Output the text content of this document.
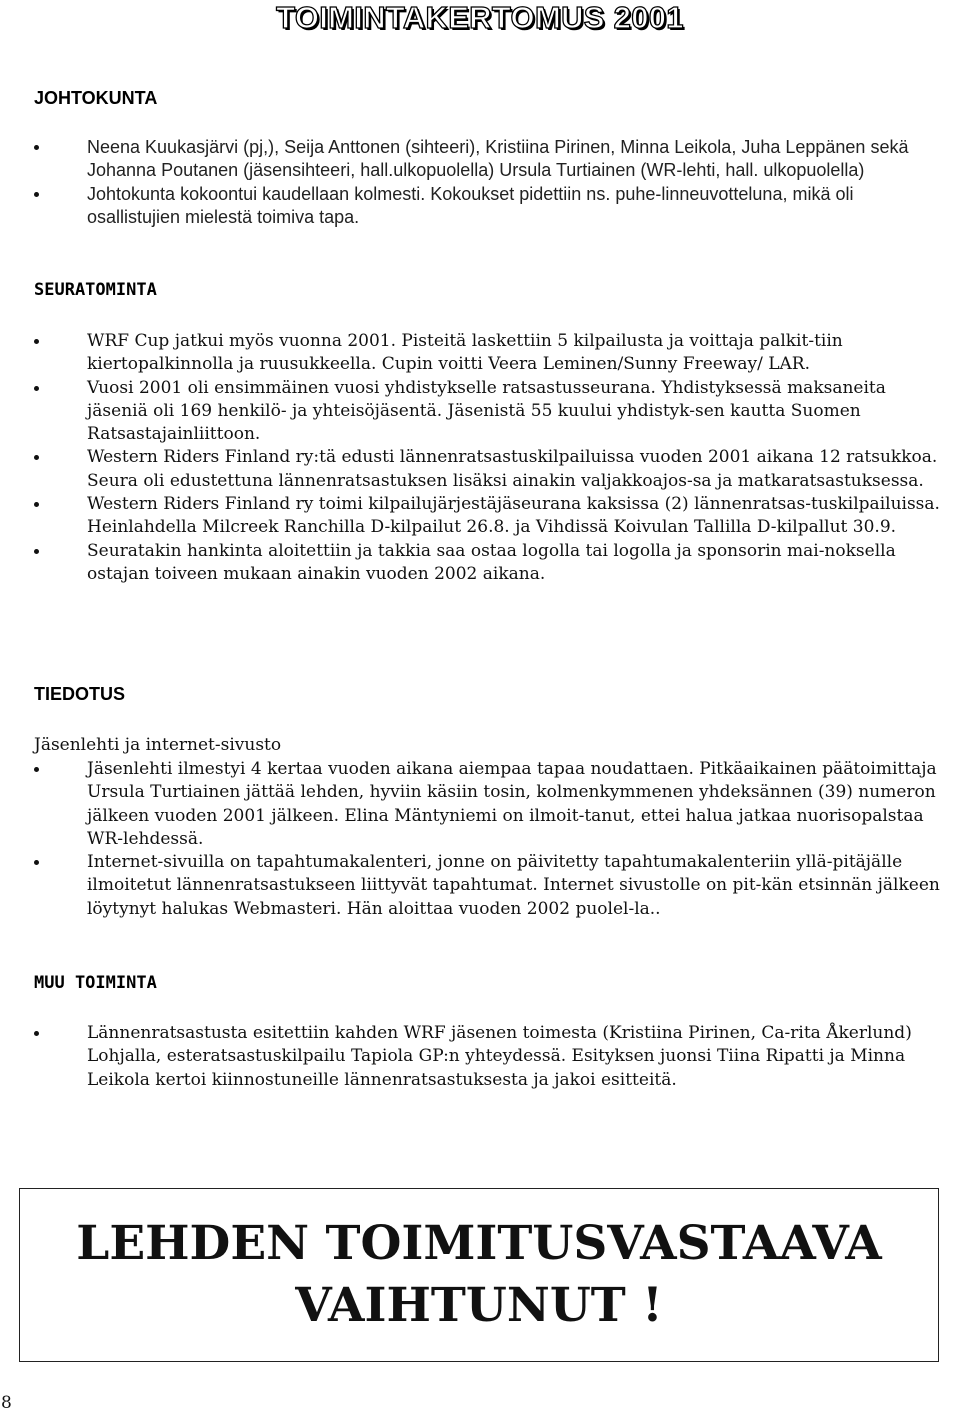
TOIMINTAKERTOMUS 2001
JOHTOKUNTA
Neena Kuukasjärvi (pj,), Seija Anttonen (sihteeri), Kristiina Pirinen, Minna Leikola, Juha Leppänen sekä Johanna Poutanen (jäsensihteeri, hall.ulkopuolella) Ursula Turtiainen (WR-lehti, hall. ulkopuolella)
Johtokunta kokoontui kaudellaan kolmesti. Kokoukset pidettiin ns. puhe-linneuvotteluna, mikä oli osallistujien mielestä toimiva tapa.
SEURATOMINTA
WRF Cup jatkui myös vuonna 2001. Pisteitä laskettiin 5 kilpailusta ja voittaja palkit-tiin kiertopalkinnolla ja ruusukkeella. Cupin voitti Veera Leminen/Sunny Freeway/ LAR.
Vuosi 2001 oli ensimmäinen vuosi yhdistykselle ratsastusseurana. Yhdistyksessä maksaneita jäseniä oli 169 henkilö- ja yhteisöjäsentä. Jäsenistä 55 kuului yhdistyk-sen kautta Suomen Ratsastajainliittoon.
Western Riders Finland ry:tä edusti lännenratsastuskilpailuissa vuoden 2001 aikana 12 ratsukkoa. Seura oli edustettuna lännenratsastuksen lisäksi ainakin valjakkoajos-sa ja matkaratsastuksessa.
Western Riders Finland ry toimi kilpailujärjestäjäseurana kaksissa (2) lännenratsas-tuskilpailuissa. Heinlahdella Milcreek Ranchilla D-kilpailut 26.8. ja Vihdissä Koivulan Tallilla D-kilpallut 30.9.
Seuratakin hankinta aloitettiin ja takkia saa ostaa logolla tai logolla ja sponsorin mai-noksella ostajan toiveen mukaan ainakin vuoden 2002 aikana.
TIEDOTUS

Jäsenlehti ja internet-sivusto

Jäsenlehti ilmestyi 4 kertaa vuoden aikana aiempaa tapaa noudattaen. Pitkäaikainen päätoimittaja Ursula Turtiainen jättää lehden, hyviin käsiin tosin, kolmenkymmenen yhdeksännen (39) numeron jälkeen vuoden 2001 jälkeen. Elina Mäntyniemi on ilmoit-tanut, ettei halua jatkaa nuorisopalstaa WR-lehdessä.
Internet-sivuilla on tapahtumakalenteri, jonne on päivitetty tapahtumakalenteriin yllä-pitäjälle ilmoitetut lännenratsastukseen liittyvät tapahtumat. Internet sivustolle on pit-kän etsinnän jälkeen löytynyt halukas Webmasteri. Hän aloittaa vuoden 2002 puolel-la..
MUU TOIMINTA
Lännenratsastusta esitettiin kahden WRF jäsenen toimesta (Kristiina Pirinen, Ca-rita Åkerlund) Lohjalla, esteratsastuskilpailu Tapiola GP:n yhteydessä. Esityksen juonsi Tiina Ripatti ja Minna Leikola kertoi kiinnostuneille lännenratsastuksesta ja jakoi esitteitä.
LEHDEN TOIMITUSVASTAAVA
VAIHTUNUT !
8
